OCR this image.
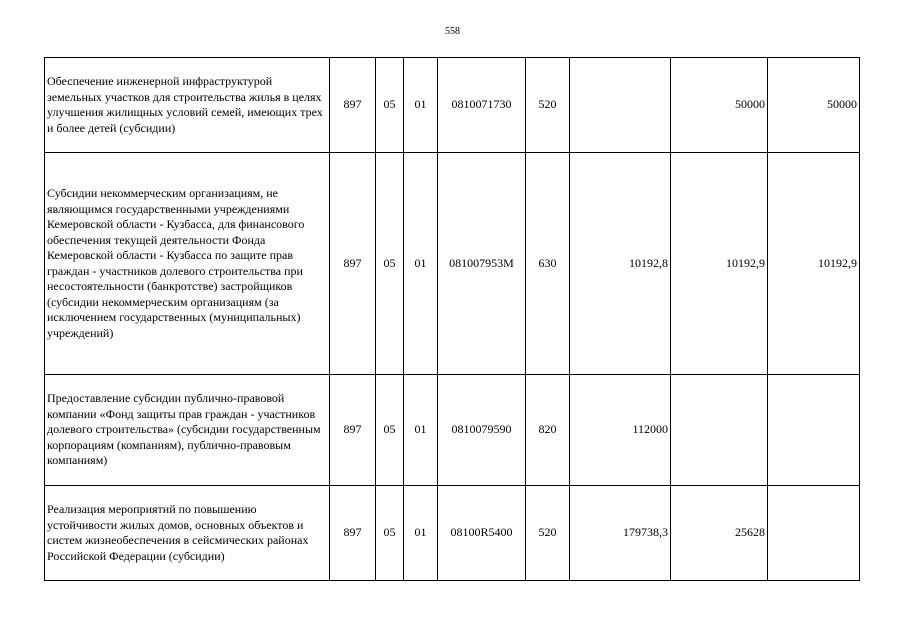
558
Обеспечение инженерной инфраструктурой земельных участков для строительства жилья в целях улучшения жилищных условий семей, имеющих трех и более детей (субсидии)	897	05	01	0810071730	520		50000	50000
Субсидии некоммерческим организациям, не являющимся государственными учреждениями Кемеровской области - Кузбасса, для финансового обеспечения текущей деятельности Фонда Кемеровской области - Кузбасса по защите прав граждан - участников долевого строительства при несостоятельности (банкротстве) застройщиков (субсидии некоммерческим организациям (за исключением государственных (муниципальных) учреждений)	897	05	01	081007953М	630	10192,8	10192,9	10192,9
Предоставление субсидии публично-правовой компании «Фонд защиты прав граждан - участников долевого строительства» (субсидии государственным корпорациям (компаниям), публично-правовым компаниям)	897	05	01	0810079590	820	112000		
Реализация мероприятий по повышению устойчивости жилых домов, основных объектов и систем жизнеобеспечения в сейсмических районах Российской Федерации (субсидии)	897	05	01	08100R5400	520	179738,3	25628	
